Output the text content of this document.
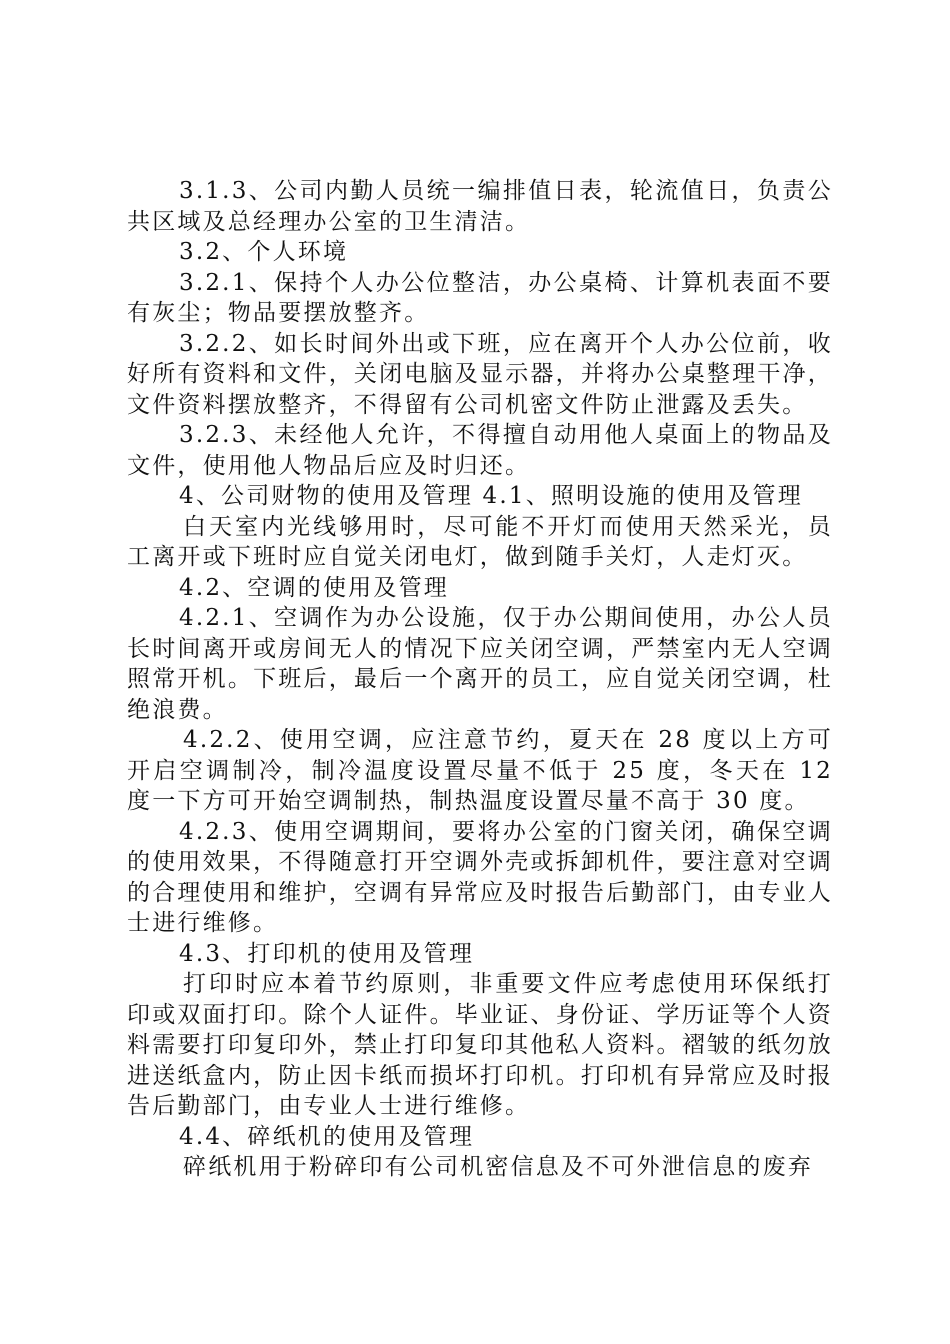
3.1.3、公司内勤人员统一编排值日表，轮流值日，负责公共区域及总经理办公室的卫生清洁。

3.2、个人环境

3.2.1、保持个人办公位整洁，办公桌椅、计算机表面不要有灰尘；物品要摆放整齐。

3.2.2、如长时间外出或下班，应在离开个人办公位前，收好所有资料和文件，关闭电脑及显示器，并将办公桌整理干净，文件资料摆放整齐，不得留有公司机密文件防止泄露及丢失。

3.2.3、未经他人允许，不得擅自动用他人桌面上的物品及文件，使用他人物品后应及时归还。

4、公司财物的使用及管理 4.1、照明设施的使用及管理

白天室内光线够用时，尽可能不开灯而使用天然采光，员工离开或下班时应自觉关闭电灯，做到随手关灯，人走灯灭。

4.2、空调的使用及管理

4.2.1、空调作为办公设施，仅于办公期间使用，办公人员长时间离开或房间无人的情况下应关闭空调，严禁室内无人空调照常开机。下班后，最后一个离开的员工，应自觉关闭空调，杜绝浪费。

4.2.2、使用空调，应注意节约，夏天在 28 度以上方可开启空调制冷，制冷温度设置尽量不低于 25 度，冬天在 12 度一下方可开始空调制热，制热温度设置尽量不高于 30 度。

4.2.3、使用空调期间，要将办公室的门窗关闭，确保空调的使用效果，不得随意打开空调外壳或拆卸机件，要注意对空调的合理使用和维护，空调有异常应及时报告后勤部门，由专业人士进行维修。

4.3、打印机的使用及管理

打印时应本着节约原则，非重要文件应考虑使用环保纸打印或双面打印。除个人证件。毕业证、身份证、学历证等个人资料需要打印复印外，禁止打印复印其他私人资料。褶皱的纸勿放进送纸盒内，防止因卡纸而损坏打印机。打印机有异常应及时报告后勤部门，由专业人士进行维修。

4.4、碎纸机的使用及管理

碎纸机用于粉碎印有公司机密信息及不可外泄信息的废弃
